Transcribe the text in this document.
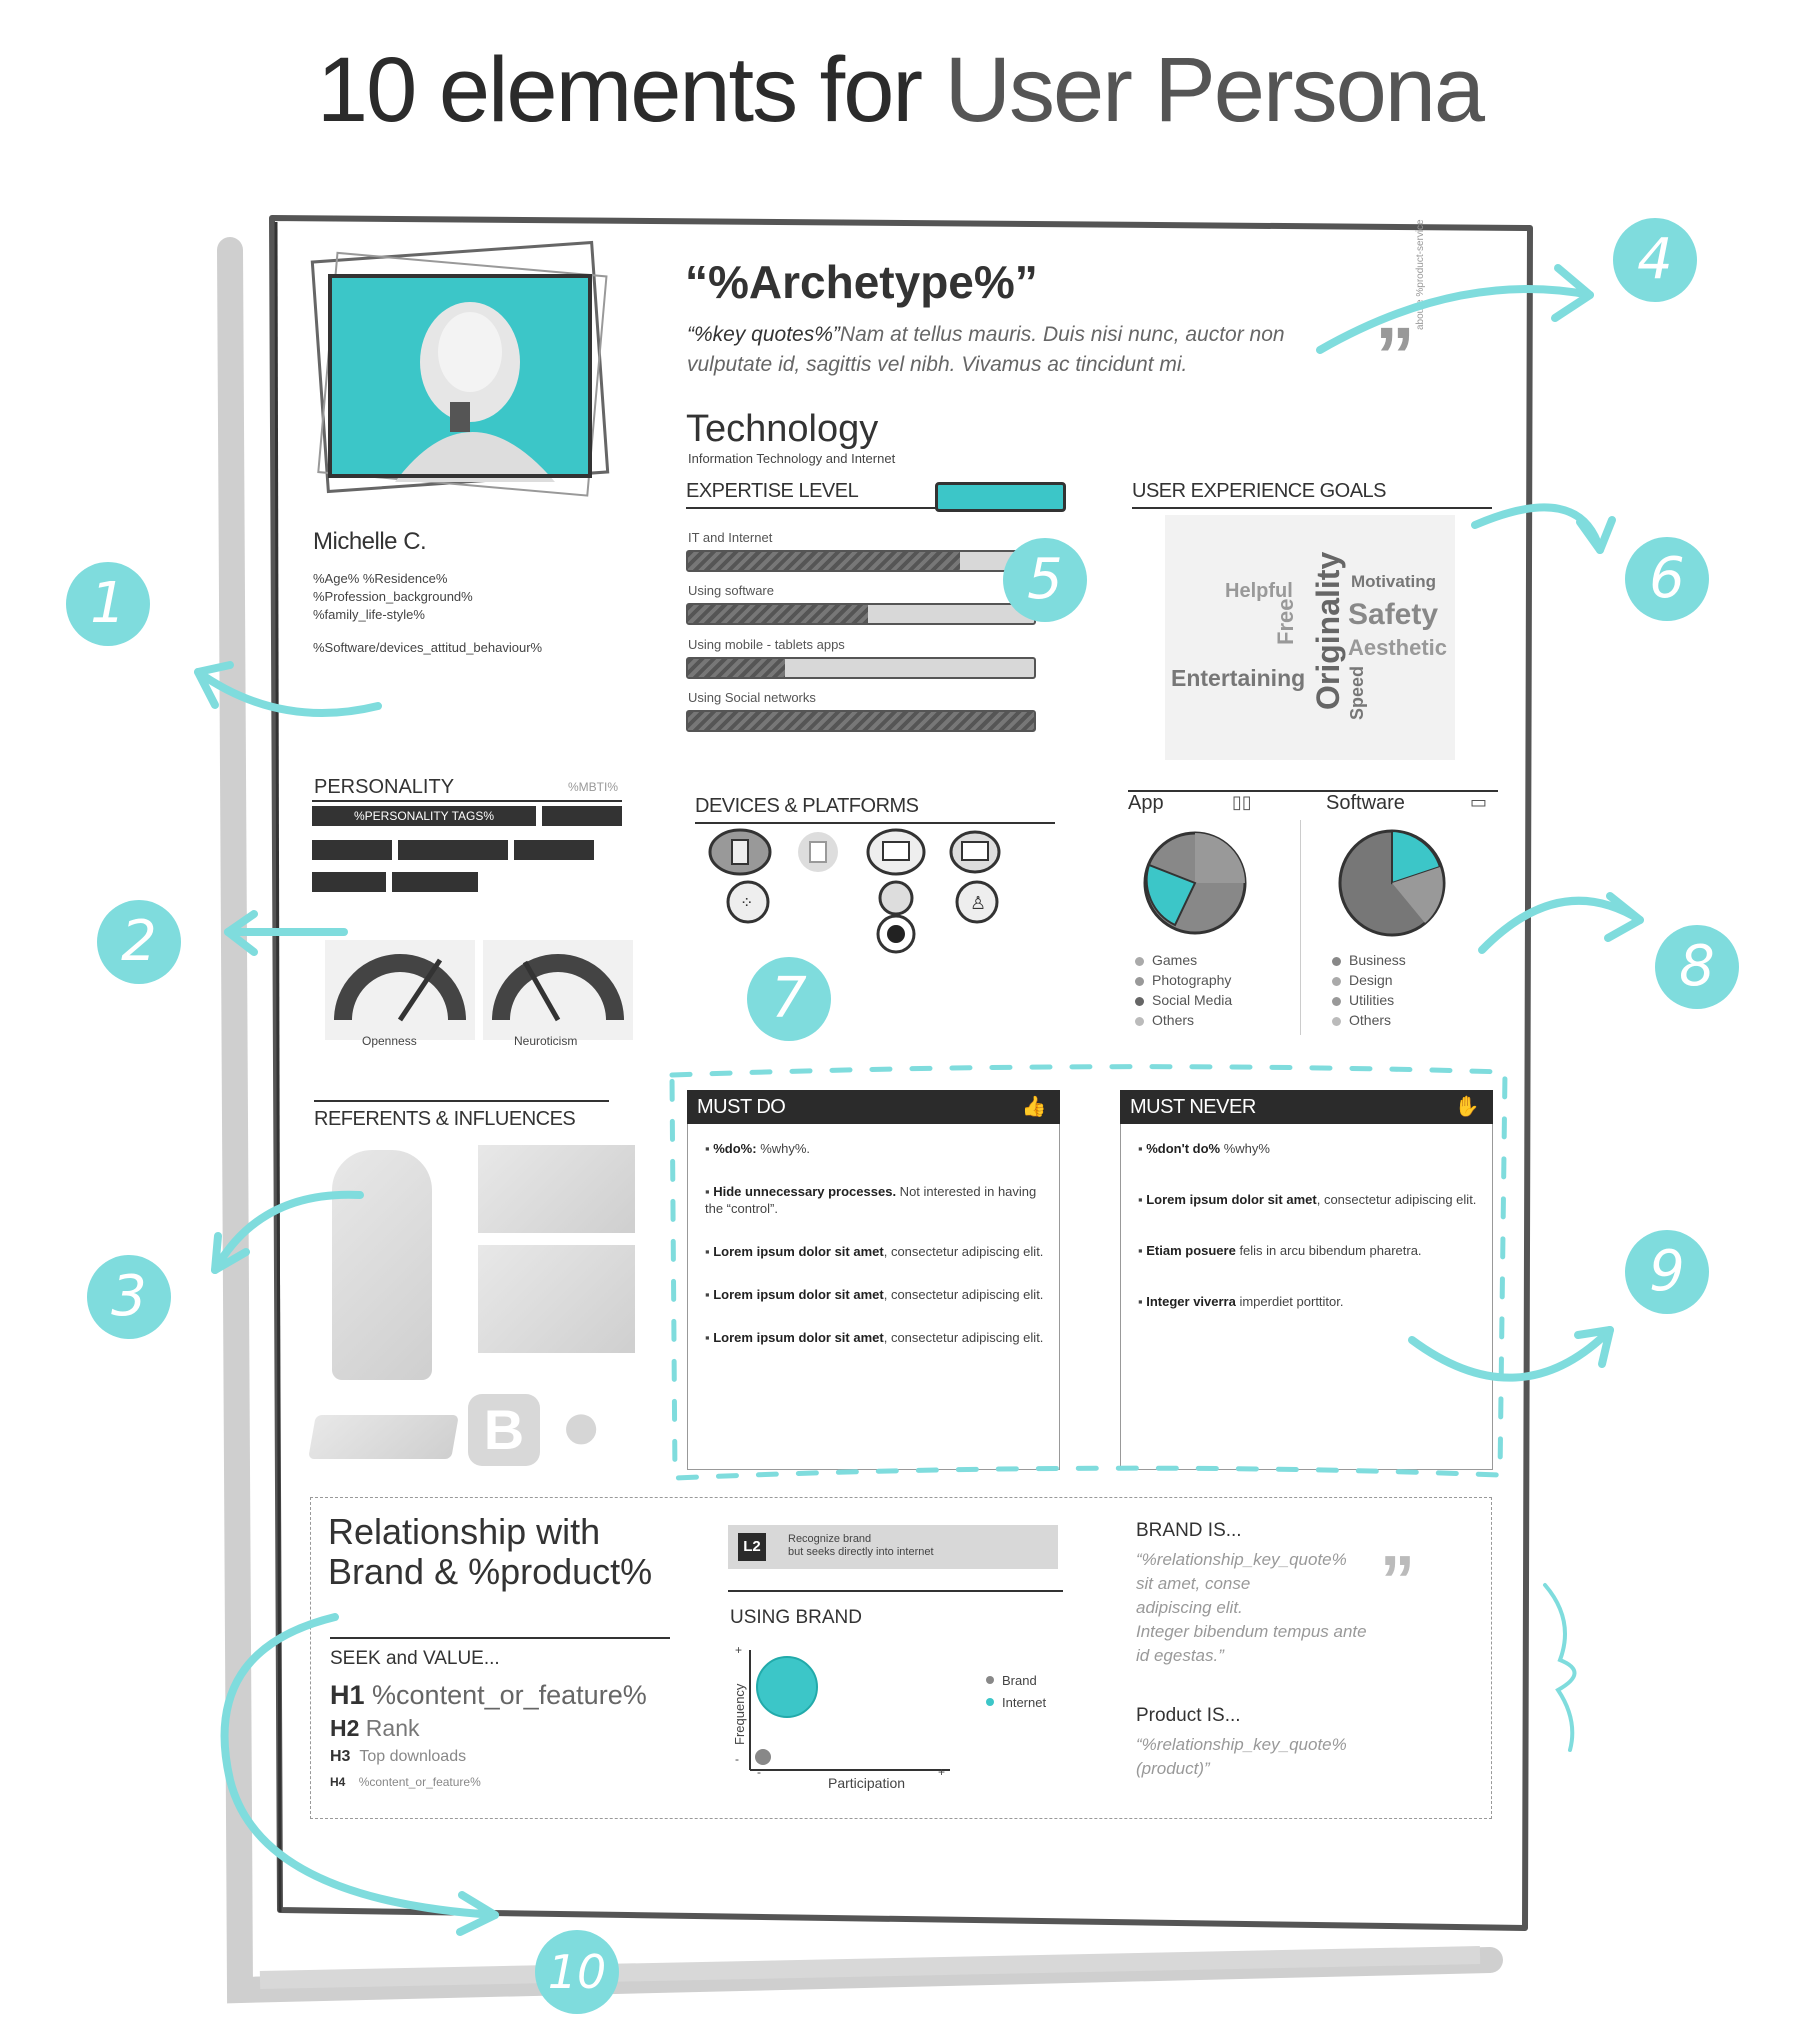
10 elements for User Persona
Michelle C.
%Age% %Residence%
%Profession_background%
%family_life-style%
%Software/devices_attitud_behaviour%
“%Archetype%”
“%key quotes%”Nam at tellus mauris. Duis nisi nunc, auctor non
vulputate id, sagittis vel nibh. Vivamus ac tincidunt mi.	”
aboute %product-service
Technology
Information Technology and Internet
EXPERTISE LEVEL
IT and Internet
Using software
Using mobile - tablets apps
Using Social networks
USER EXPERIENCE GOALS
Helpful	Motivating
Safety
Aesthetic
Free Originality
Entertaining Speed
PERSONALITY	%MBTI%
%PERSONALITY TAGS%
Openness	Neuroticism
DEVICES & PLATFORMS
⁘	♙
App	▯▯	Software	▭
Games
Photography
Social Media
Others
Business
Design
Utilities
Others
REFERENTS & INFLUENCES
B ●
MUST DO	👍
▪ %do%: %why%.
▪ Hide unnecessary processes. Not interested in having the “control”.
▪ Lorem ipsum dolor sit amet, consectetur adipiscing elit.
▪ Lorem ipsum dolor sit amet, consectetur adipiscing elit.
▪ Lorem ipsum dolor sit amet, consectetur adipiscing elit.
MUST NEVER	✋
▪ %don't do% %why%
▪ Lorem ipsum dolor sit amet, consectetur adipiscing elit.
▪ Etiam posuere felis in arcu bibendum pharetra.
▪ Integer viverra imperdiet porttitor.
Relationship with
Brand & %product%
SEEK and VALUE...
H1 %content_or_feature%
H2 Rank
H3 Top downloads
H4 %content_or_feature%
L2	Recognize brand
but seeks directly into internet
USING BRAND
+
-
-	+
Frequency
Participation
Brand
Internet
BRAND IS...
“%relationship_key_quote%
sit amet, conse
adipiscing elit.
Integer bibendum tempus ante
id egestas.”
”
Product IS...
“%relationship_key_quote%
(product)”
1
2
3
4
5	6
7	8
9
10
